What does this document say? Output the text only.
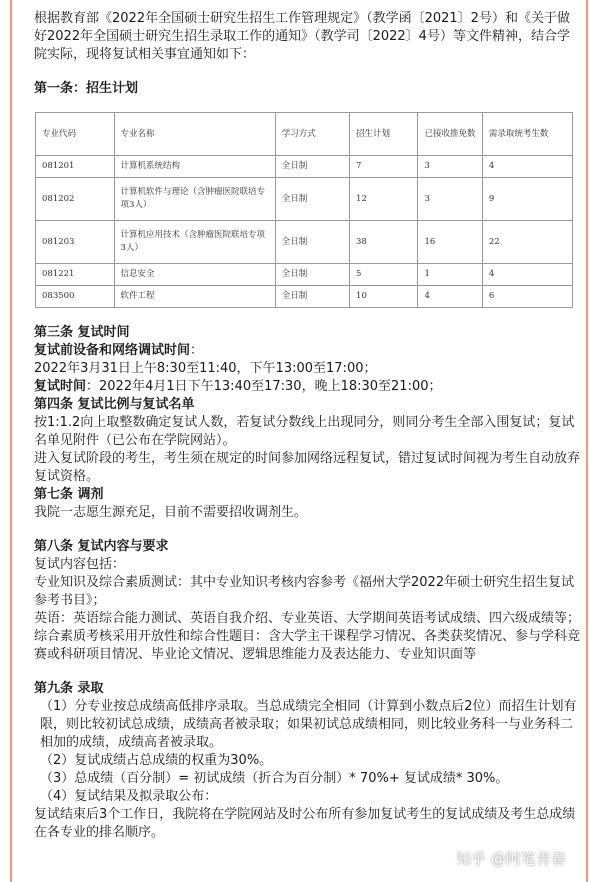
根据教育部《2022年全国硕士研究生招生工作管理规定》（教学函〔2021〕2号）和《关于做好2022年全国硕士研究生招生录取工作的通知》（教学司〔2022〕4号）等文件精神，结合学院实际，现将复试相关事宜通知如下：

第一条：招生计划

专业代码	专业名称	学习方式	招生计划	已接收推免数	需录取统考生数
081201	计算机系统结构	全日制	7	3	4
081202	计算机软件与理论（含肿瘤医院联培专项3人）	全日制	12	3	9
081203	计算机应用技术（含肿瘤医院联培专项3人）	全日制	38	16	22
081221	信息安全	全日制	5	1	4
083500	软件工程	全日制	10	4	6

第三条 复试时间

复试前设备和网络调试时间：

2022年3月31日上午8:30至11:40，下午13:00至17:00；

复试时间：2022年4月1日下午13:40至17:30，晚上18:30至21:00；

第四条 复试比例与复试名单

按1:1.2向上取整数确定复试人数，若复试分数线上出现同分，则同分考生全部入围复试；复试名单见附件（已公布在学院网站）。

进入复试阶段的考生，考生须在规定的时间参加网络远程复试，错过复试时间视为考生自动放弃复试资格。

第七条 调剂

我院一志愿生源充足，目前不需要招收调剂生。

第八条 复试内容与要求

复试内容包括：

专业知识及综合素质测试：其中专业知识考核内容参考《福州大学2022年硕士研究生招生复试参考书目》；

英语：英语综合能力测试、英语自我介绍、专业英语、大学期间英语考试成绩、四六级成绩等；

综合素质考核采用开放性和综合性题目：含大学主干课程学习情况、各类获奖情况、参与学科竞赛或科研项目情况、毕业论文情况、逻辑思维能力及表达能力、专业知识面等

第九条 录取

（1）分专业按总成绩高低排序录取。当总成绩完全相同（计算到小数点后2位）而招生计划有限，则比较初试总成绩，成绩高者被录取；如果初试总成绩相同，则比较业务科一与业务科二相加的成绩，成绩高者被录取。

（2）复试成绩占总成绩的权重为30%。

（3）总成绩（百分制）= 初试成绩（折合为百分制）* 70%+ 复试成绩* 30%。

（4）复试结果及拟录取公布：

复试结束后3个工作日，我院将在学院网站及时公布所有参加复试考生的复试成绩及考生总成绩在各专业的排名顺序。

知乎 @阿笔青春
